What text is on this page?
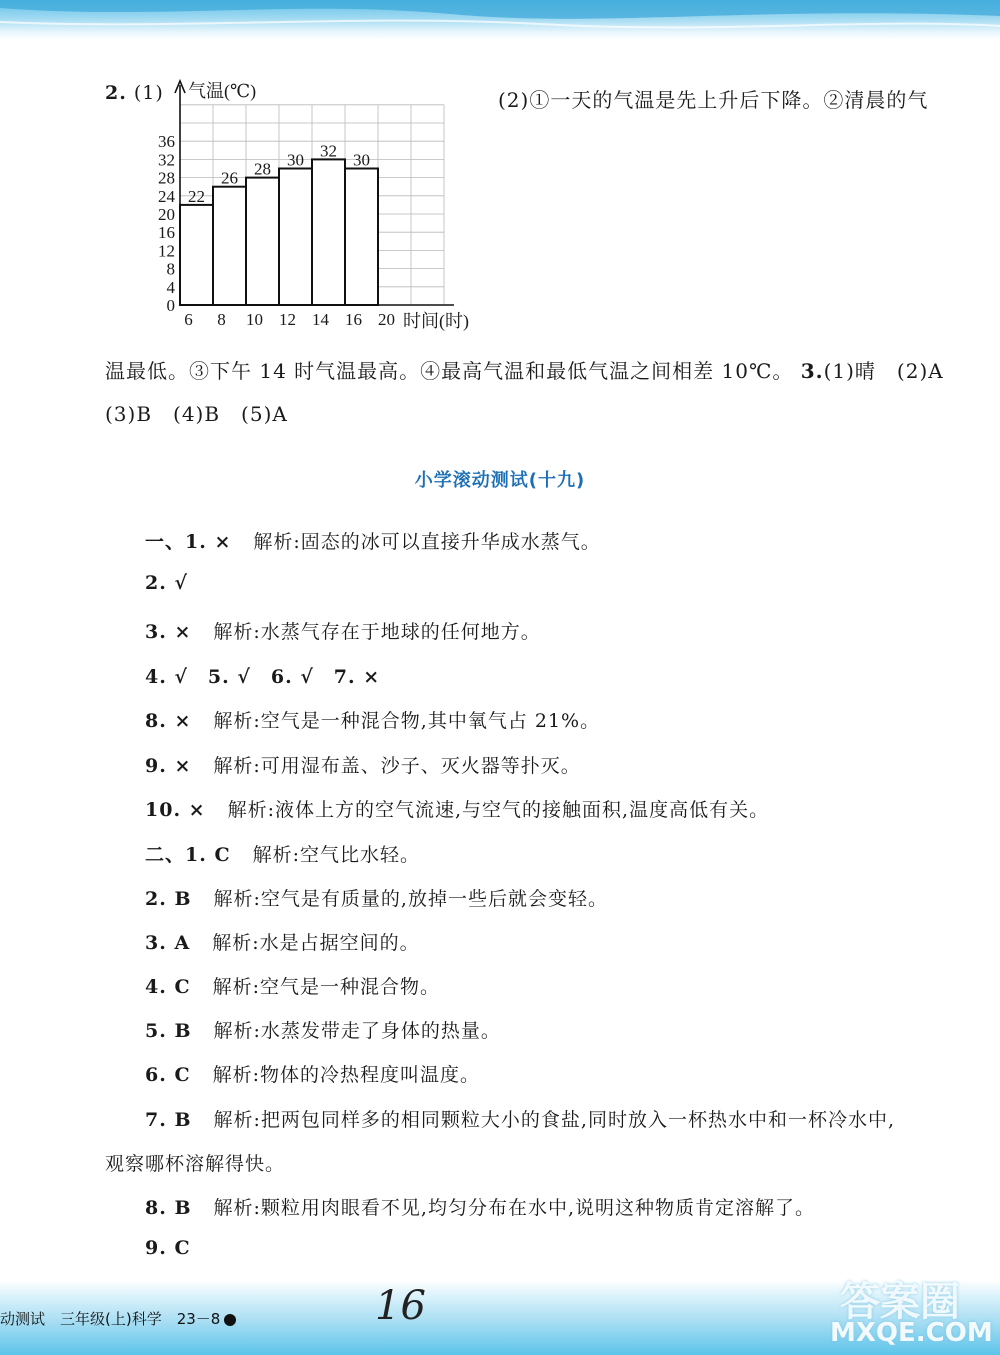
2. (1)	(2)①一天的气温是先上升后下降。②清晨的气
0
4
8
12
16
20
24
28
32
36
6 8 10 12 14 16 20
22
26 28 30 32 30
气温(℃)
时间(时)
温最低。③下午 14 时气温最高。④最高气温和最低气温之间相差 10℃。 3.(1)晴　(2)A
(3)B　(4)B　(5)A
小学滚动测试(十九)
一、1. × 解析:固态的冰可以直接升华成水蒸气。
2. √
3. × 解析:水蒸气存在于地球的任何地方。
4. √　5. √　6. √　7. ×
8. × 解析:空气是一种混合物,其中氧气占 21%。
9. × 解析:可用湿布盖、沙子、灭火器等扑灭。
10. × 解析:液体上方的空气流速,与空气的接触面积,温度高低有关。
二、1. C 解析:空气比水轻。
2. B 解析:空气是有质量的,放掉一些后就会变轻。
3. A 解析:水是占据空间的。
4. C 解析:空气是一种混合物。
5. B 解析:水蒸发带走了身体的热量。
6. C 解析:物体的冷热程度叫温度。
7. B 解析:把两包同样多的相同颗粒大小的食盐,同时放入一杯热水中和一杯冷水中,
观察哪杯溶解得快。
8. B 解析:颗粒用肉眼看不见,均匀分布在水中,说明这种物质肯定溶解了。
9. C
动测试　三年级(上)科学　23－8	16	答案圈
MXQE.COM
